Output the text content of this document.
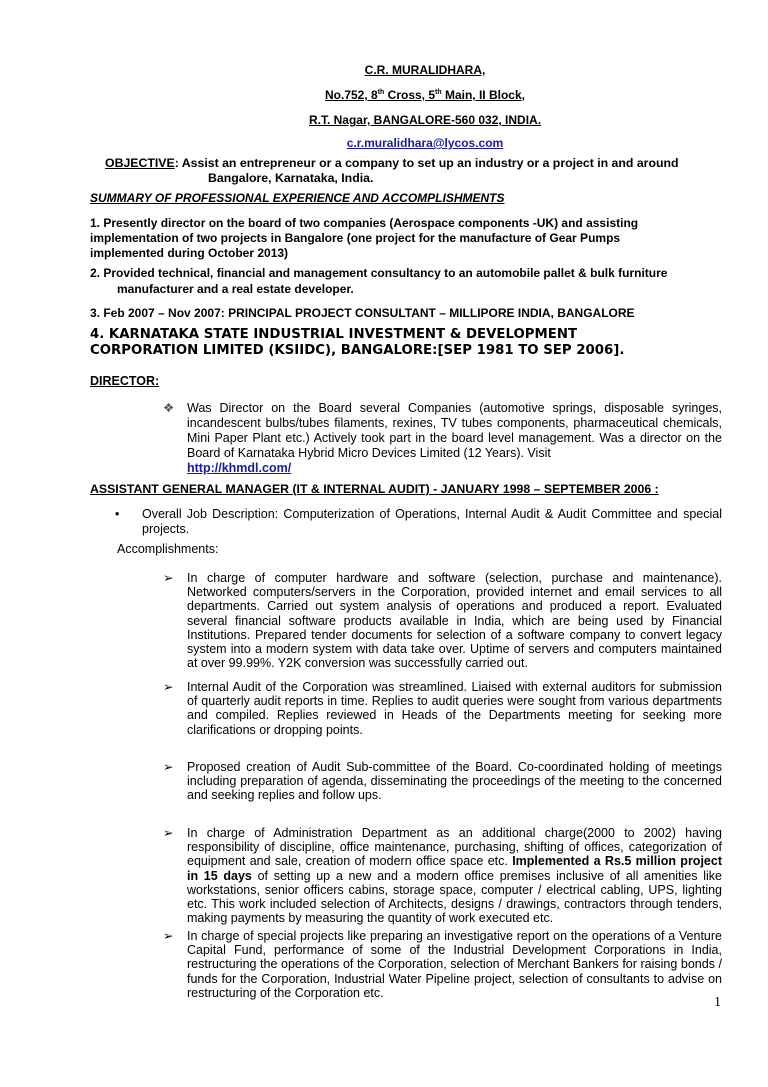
C.R. MURALIDHARA,
No.752, 8th Cross, 5th Main, II Block,
R.T. Nagar, BANGALORE-560 032, INDIA.
c.r.muralidhara@lycos.com
OBJECTIVE: Assist an entrepreneur or a company to set up an industry or a project in and around
Bangalore, Karnataka, India.
SUMMARY OF PROFESSIONAL EXPERIENCE AND ACCOMPLISHMENTS
1. Presently director on the board of two companies (Aerospace components -UK) and assisting implementation of two projects in Bangalore (one project for the manufacture of Gear Pumps implemented during October 2013)
2. Provided technical, financial and management consultancy to an automobile pallet & bulk furniture
manufacturer and a real estate developer.
3. Feb 2007 – Nov 2007: PRINCIPAL PROJECT CONSULTANT – MILLIPORE INDIA, BANGALORE
4. KARNATAKA STATE INDUSTRIAL INVESTMENT & DEVELOPMENT CORPORATION LIMITED (KSIIDC), BANGALORE:[SEP 1981 TO SEP 2006].
DIRECTOR:
❖ Was Director on the Board several Companies (automotive springs, disposable syringes, incandescent bulbs/tubes filaments, rexines, TV tubes components, pharmaceutical chemicals, Mini Paper Plant etc.) Actively took part in the board level management. Was a director on the Board of Karnataka Hybrid Micro Devices Limited (12 Years). Visit
http://khmdl.com/
ASSISTANT GENERAL MANAGER (IT & INTERNAL AUDIT) - JANUARY 1998 – SEPTEMBER 2006 :
• Overall Job Description: Computerization of Operations, Internal Audit & Audit Committee and special projects.
Accomplishments:
➢ In charge of computer hardware and software (selection, purchase and maintenance). Networked computers/servers in the Corporation, provided internet and email services to all departments. Carried out system analysis of operations and produced a report. Evaluated several financial software products available in India, which are being used by Financial Institutions. Prepared tender documents for selection of a software company to convert legacy system into a modern system with data take over. Uptime of servers and computers maintained at over 99.99%. Y2K conversion was successfully carried out.
➢ Internal Audit of the Corporation was streamlined. Liaised with external auditors for submission of quarterly audit reports in time. Replies to audit queries were sought from various departments and compiled. Replies reviewed in Heads of the Departments meeting for seeking more clarifications or dropping points.
➢ Proposed creation of Audit Sub-committee of the Board. Co-coordinated holding of meetings including preparation of agenda, disseminating the proceedings of the meeting to the concerned and seeking replies and follow ups.
➢ In charge of Administration Department as an additional charge(2000 to 2002) having responsibility of discipline, office maintenance, purchasing, shifting of offices, categorization of equipment and sale, creation of modern office space etc. Implemented a Rs.5 million project in 15 days of setting up a new and a modern office premises inclusive of all amenities like workstations, senior officers cabins, storage space, computer / electrical cabling, UPS, lighting etc. This work included selection of Architects, designs / drawings, contractors through tenders, making payments by measuring the quantity of work executed etc.
➢ In charge of special projects like preparing an investigative report on the operations of a Venture Capital Fund, performance of some of the Industrial Development Corporations in India, restructuring the operations of the Corporation, selection of Merchant Bankers for raising bonds / funds for the Corporation, Industrial Water Pipeline project, selection of consultants to advise on restructuring of the Corporation etc.
1
